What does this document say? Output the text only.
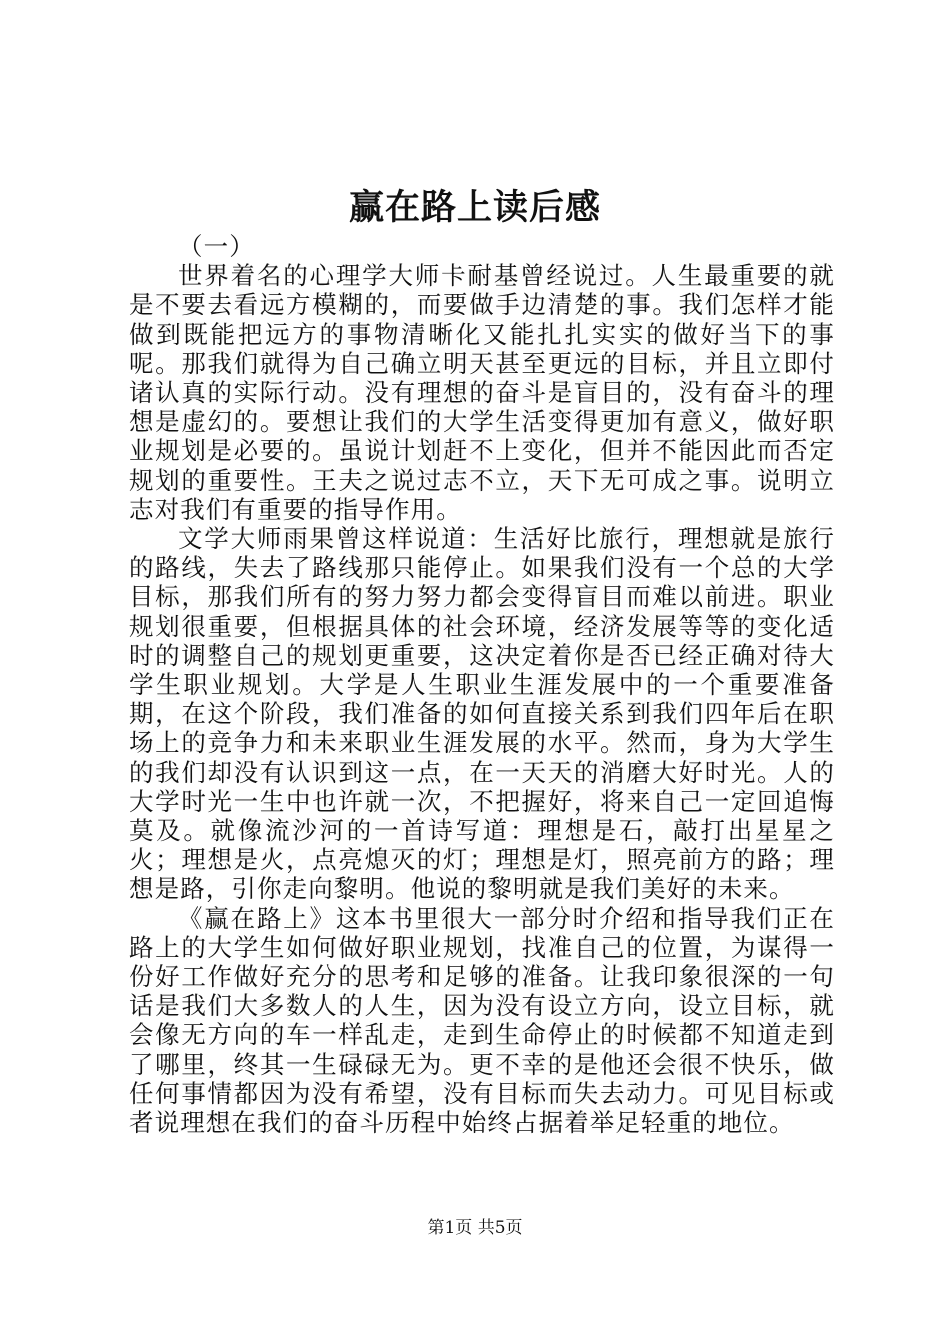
赢在路上读后感

（一）

世界着名的心理学大师卡耐基曾经说过。人生最重要的就是不要去看远方模糊的，而要做手边清楚的事。我们怎样才能做到既能把远方的事物清晰化又能扎扎实实的做好当下的事呢。那我们就得为自己确立明天甚至更远的目标，并且立即付诸认真的实际行动。没有理想的奋斗是盲目的，没有奋斗的理想是虚幻的。要想让我们的大学生活变得更加有意义，做好职业规划是必要的。虽说计划赶不上变化，但并不能因此而否定规划的重要性。王夫之说过志不立，天下无可成之事。说明立志对我们有重要的指导作用。

文学大师雨果曾这样说道：生活好比旅行，理想就是旅行的路线，失去了路线那只能停止。如果我们没有一个总的大学目标，那我们所有的努力努力都会变得盲目而难以前进。职业规划很重要，但根据具体的社会环境，经济发展等等的变化适时的调整自己的规划更重要，这决定着你是否已经正确对待大学生职业规划。大学是人生职业生涯发展中的一个重要准备期，在这个阶段，我们准备的如何直接关系到我们四年后在职场上的竞争力和未来职业生涯发展的水平。然而，身为大学生的我们却没有认识到这一点，在一天天的消磨大好时光。人的大学时光一生中也许就一次，不把握好，将来自己一定回追悔莫及。就像流沙河的一首诗写道：理想是石，敲打出星星之火；理想是火，点亮熄灭的灯；理想是灯，照亮前方的路；理想是路，引你走向黎明。他说的黎明就是我们美好的未来。

《赢在路上》这本书里很大一部分时介绍和指导我们正在路上的大学生如何做好职业规划，找准自己的位置，为谋得一份好工作做好充分的思考和足够的准备。让我印象很深的一句话是我们大多数人的人生，因为没有设立方向，设立目标，就会像无方向的车一样乱走，走到生命停止的时候都不知道走到了哪里，终其一生碌碌无为。更不幸的是他还会很不快乐，做任何事情都因为没有希望，没有目标而失去动力。可见目标或者说理想在我们的奋斗历程中始终占据着举足轻重的地位。

第1页 共5页
